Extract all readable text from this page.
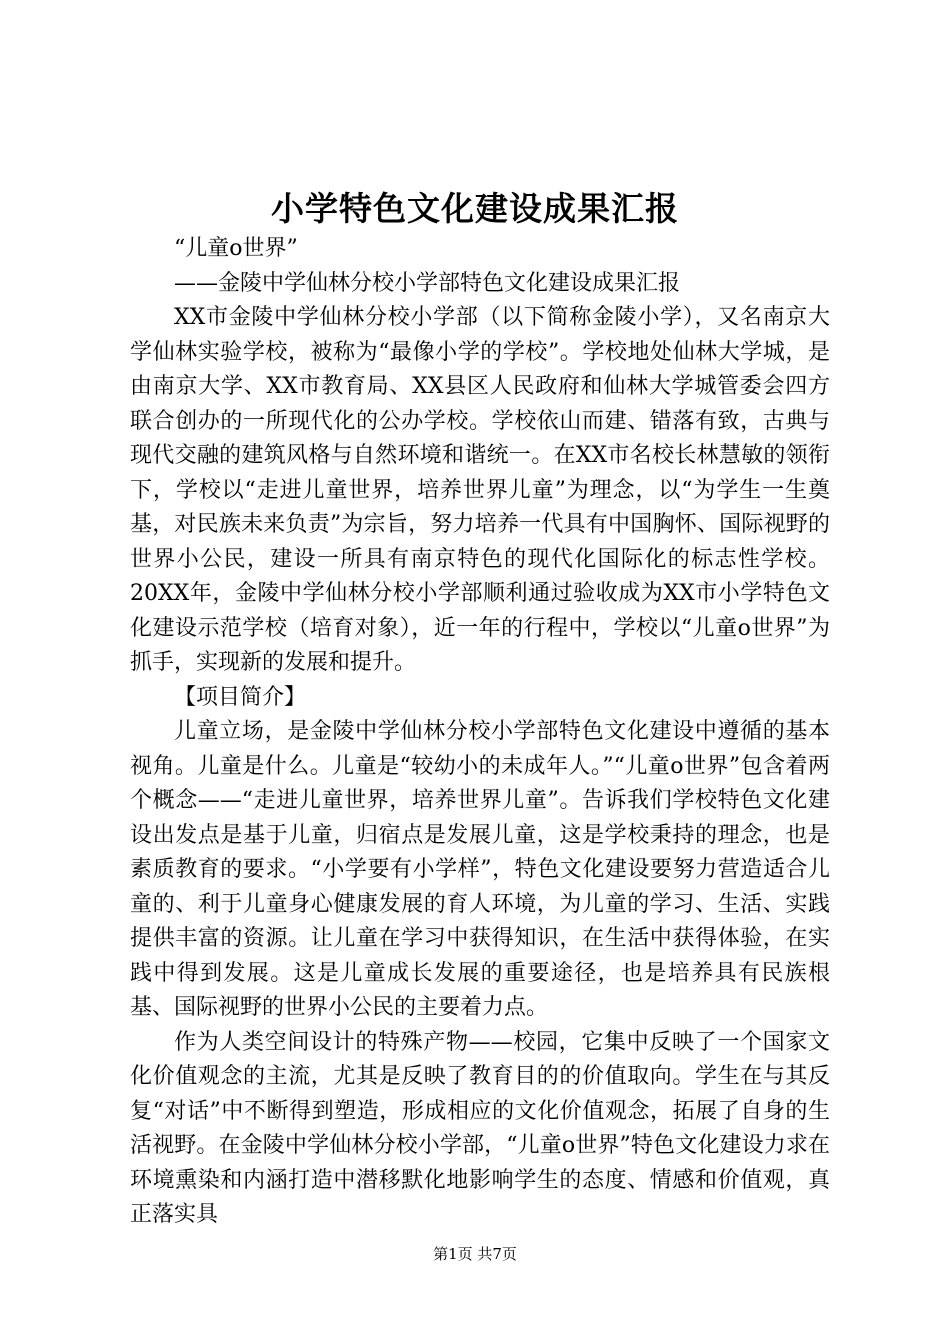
小学特色文化建设成果汇报

“儿童o世界”

——金陵中学仙林分校小学部特色文化建设成果汇报

XX市金陵中学仙林分校小学部（以下简称金陵小学），又名南京大学仙林实验学校，被称为“最像小学的学校”。学校地处仙林大学城，是由南京大学、XX市教育局、XX县区人民政府和仙林大学城管委会四方联合创办的一所现代化的公办学校。学校依山而建、错落有致，古典与现代交融的建筑风格与自然环境和谐统一。在XX市名校长林慧敏的领衔下，学校以“走进儿童世界，培养世界儿童”为理念，以“为学生一生奠基，对民族未来负责”为宗旨，努力培养一代具有中国胸怀、国际视野的世界小公民，建设一所具有南京特色的现代化国际化的标志性学校。20XX年，金陵中学仙林分校小学部顺利通过验收成为XX市小学特色文化建设示范学校（培育对象），近一年的行程中，学校以“儿童o世界”为抓手，实现新的发展和提升。

【项目简介】

儿童立场，是金陵中学仙林分校小学部特色文化建设中遵循的基本视角。儿童是什么。儿童是“较幼小的未成年人。”“儿童o世界”包含着两个概念——“走进儿童世界，培养世界儿童”。告诉我们学校特色文化建设出发点是基于儿童，归宿点是发展儿童，这是学校秉持的理念，也是素质教育的要求。“小学要有小学样”，特色文化建设要努力营造适合儿童的、利于儿童身心健康发展的育人环境，为儿童的学习、生活、实践提供丰富的资源。让儿童在学习中获得知识，在生活中获得体验，在实践中得到发展。这是儿童成长发展的重要途径，也是培养具有民族根基、国际视野的世界小公民的主要着力点。

作为人类空间设计的特殊产物——校园，它集中反映了一个国家文化价值观念的主流，尤其是反映了教育目的的价值取向。学生在与其反复“对话”中不断得到塑造，形成相应的文化价值观念，拓展了自身的生活视野。在金陵中学仙林分校小学部，“儿童o世界”特色文化建设力求在环境熏染和内涵打造中潜移默化地影响学生的态度、情感和价值观，真正落实具

第1页 共7页
